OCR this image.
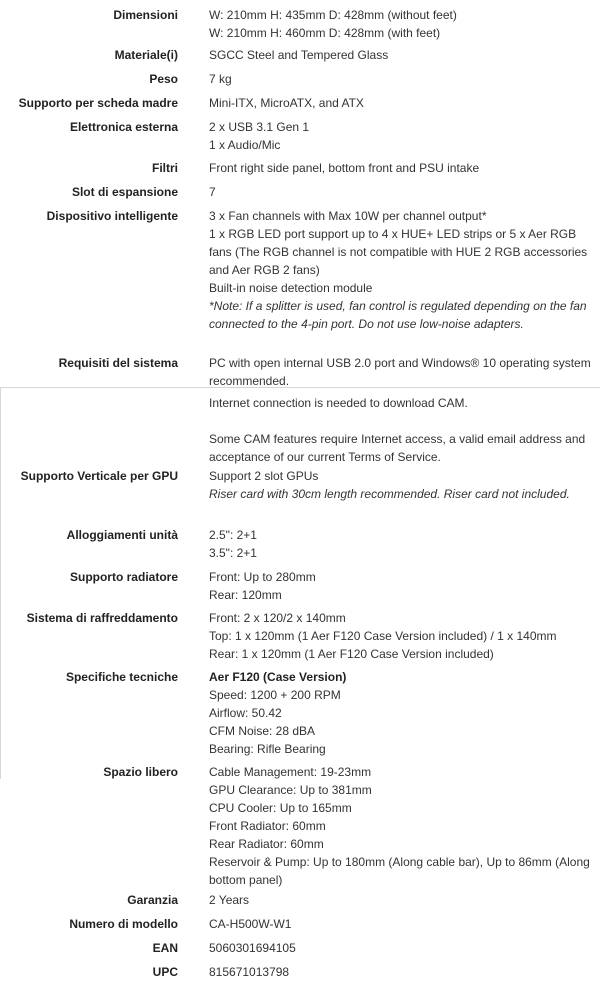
Dimensioni	W: 210mm H: 435mm D: 428mm (without feet)
W: 210mm H: 460mm D: 428mm (with feet)
Materiale(i)	SGCC Steel and Tempered Glass
Peso	7 kg
Supporto per scheda madre	Mini-ITX, MicroATX, and ATX
Elettronica esterna	2 x USB 3.1 Gen 1
1 x Audio/Mic
Filtri	Front right side panel, bottom front and PSU intake
Slot di espansione	7
Dispositivo intelligente	3 x Fan channels with Max 10W per channel output*
1 x RGB LED port support up to 4 x HUE+ LED strips or 5 x Aer RGB fans (The RGB channel is not compatible with HUE 2 RGB accessories and Aer RGB 2 fans)
Built-in noise detection module
*Note: If a splitter is used, fan control is regulated depending on the fan connected to the 4-pin port. Do not use low-noise adapters.
Requisiti del sistema	PC with open internal USB 2.0 port and Windows® 10 operating system recommended.
Internet connection is needed to download CAM.
Some CAM features require Internet access, a valid email address and acceptance of our current Terms of Service.
Supporto Verticale per GPU	Support 2 slot GPUs
Riser card with 30cm length recommended. Riser card not included.
Alloggiamenti unità	2.5": 2+1
3.5": 2+1
Supporto radiatore	Front: Up to 280mm
Rear: 120mm
Sistema di raffreddamento	Front: 2 x 120/2 x 140mm
Top: 1 x 120mm (1 Aer F120 Case Version included) / 1 x 140mm
Rear: 1 x 120mm (1 Aer F120 Case Version included)
Specifiche tecniche	Aer F120 (Case Version)
Speed: 1200 + 200 RPM
Airflow: 50.42
CFM Noise: 28 dBA
Bearing: Rifle Bearing
Spazio libero	Cable Management: 19-23mm
GPU Clearance: Up to 381mm
CPU Cooler: Up to 165mm
Front Radiator: 60mm
Rear Radiator: 60mm
Reservoir & Pump: Up to 180mm (Along cable bar), Up to 86mm (Along bottom panel)
Garanzia	2 Years
Numero di modello	CA-H500W-W1
EAN	5060301694105
UPC	815671013798
